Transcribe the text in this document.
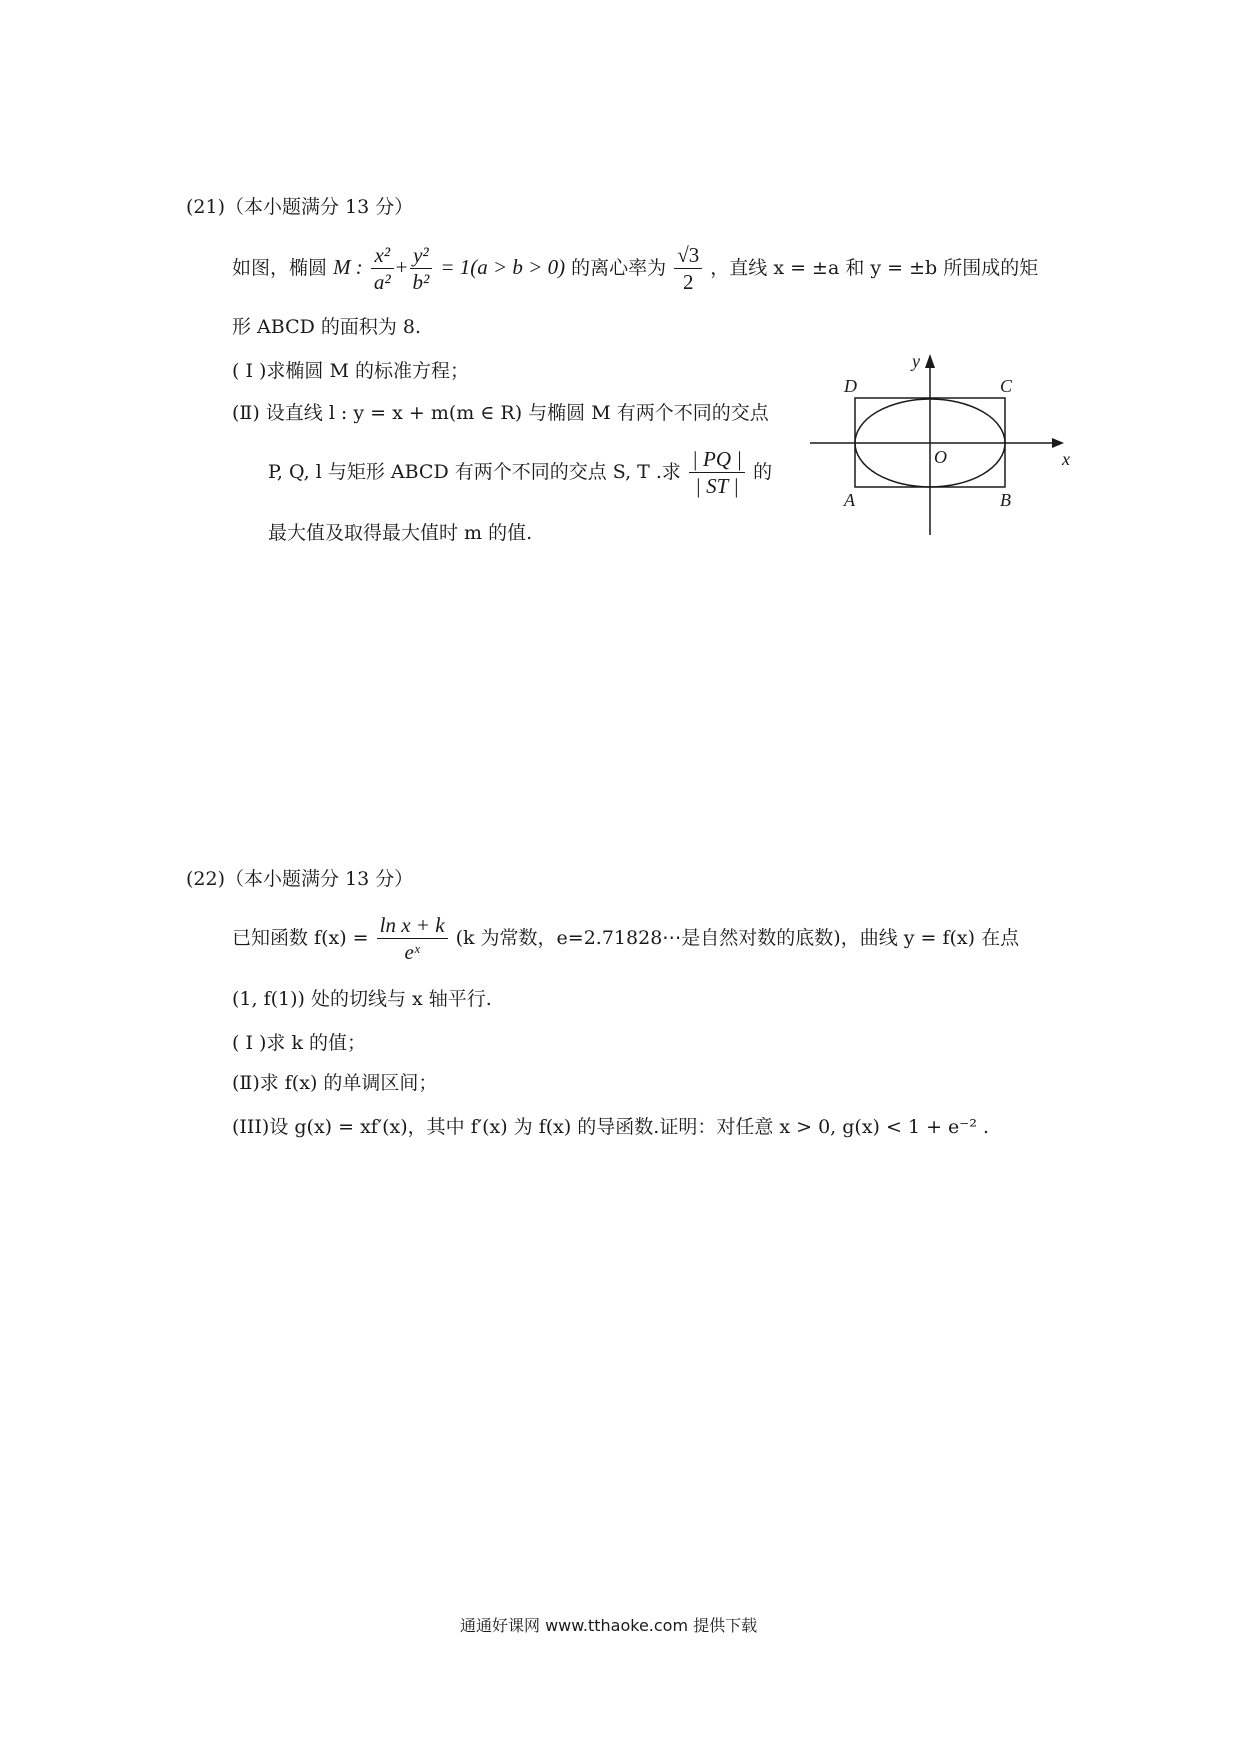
(21)（本小题满分 13 分）
如图，椭圆 M : $\frac{\text{x²}}{\text{a²}} + \frac{\text{y²}}{\text{b²}} = 1(a > b > 0)$ 的离心率为 $\frac{√3}{2}$ ，直线 x = ±a 和 y = ±b 所围成的矩
形 ABCD 的面积为 8.
( I )求椭圆 M 的标准方程；
(Ⅱ) 设直线 l : y = x + m(m ∈ R) 与椭圆 M 有两个不同的交点
P, Q, l 与矩形 ABCD 有两个不同的交点 S, T .求 $\frac{| PQ |}{| ST |}$ 的
最大值及取得最大值时 m 的值.
y
x
O
A	B
C
D
(22)（本小题满分 13 分）
已知函数 $f(x) = \frac{\text{ln x + k}}{\text{eˣ}} (k$ 为常数，e=2.71828⋯是自然对数的底数)，曲线 y = f(x) 在点
(1, f(1)) 处的切线与 x 轴平行.
( I )求 k 的值；
(Ⅱ)求 f(x) 的单调区间；
(III)设 g(x) = xf′(x)，其中 f′(x) 为 f(x) 的导函数.证明：对任意 x > 0, g(x) < 1 + e⁻² .
通通好课网 www.tthaoke.com 提供下载
